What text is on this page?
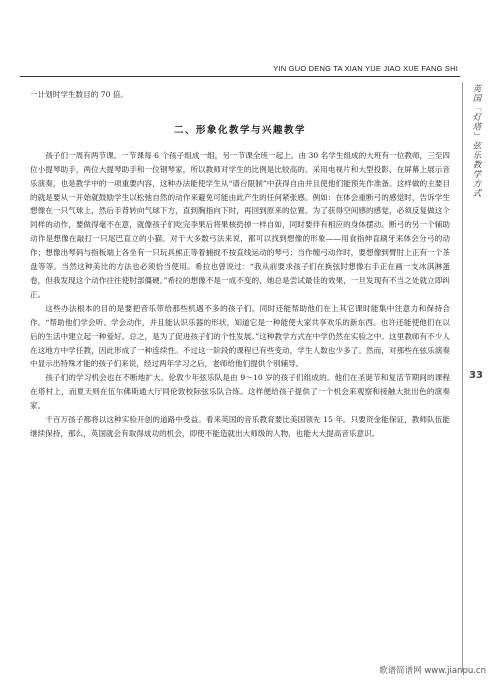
YIN GUO DENG TA XIAN YUE JIAO XUE FANG SHI
英国「灯塔」弦乐教学方式
33

一计划时学生数目的 70 倍。

二、形象化教学与兴趣教学

孩子们一周有两节课。一节课每 6 个孩子组成一组，另一节课全班一起上。由 30 名学生组成的大班有一位教师，三至四位小提琴助手，两位大提琴助手和一位钢琴家，所以教师对学生的比例是比较高的。采用电视片和大型投影，在屏幕上展示音乐演奏，也是教学中的一项重要内容，这种办法能使学生从“谱台限制”中获得自由并且使他们能预先作准备。这样做的主要目的就是要从一开始就鼓励学生以松弛自然的动作来避免可能由此产生的任何紧张感。例如：在体会重断弓的感觉时，告诉学生想像在一只气球上，然后手背转向气球下方，直到胸指向下时，再回到原来的位置。为了获得空间感的感觉，必须反复做这个同样的动作，要做得毫不在意，就像孩子们吃完李果后将果核扔掉一样自如，同时要伴有相应的身体摆动。断弓的另一个辅助动作是想像在敲打一只尾巴直立的小猫。对于大多数弓法来说，都可以找到想像的形象——用食指伸直刷牙来体会分弓的动作；想像出琴码与指板端上各坐有一只玩具熊正等着捕捉不按直线运动的琴弓；当作缠弓动作时，要想像到臂肘上正有一个茶盘等等。当然这种美比的方法也必须恰当使用。希拉也曾说过：“我从前要求孩子们在换弦时想像右手正在画一支冰淇淋蛋卷，但我发现这个动作往往使肘部僵硬。”希拉的想像不是一成不变的，她总是尝试最佳的效果，一旦发现有不当之处就立即纠正。

这些办法根本的目的是要把音乐带给那些机遇不多的孩子们。同时还能帮助他们在上其它课时能集中注意力和保持合作。“帮助他们学会听、学会动作，并且能认识乐器的形状，知道它是一种能使大家共享欢乐的新东西。也许还能使他们在以后的生活中建立起一种爱好。总之，是为了促进孩子们的个性发展。”这种教学方式在中学仍然在实验之中。这里教师有不少人在这地方中学任教，因此形成了一种连续性。不过这一阶段的课程已有些变动，学生人数也少多了。然而，对那些在弦乐演奏中显示出特殊才能的孩子们来说，经过两年学习之后，老师给他们提供个别辅导。

孩子们的学习机会也在不断地扩大。伦敦少年弦乐队是由 9～10 岁的孩子们组成的。他们在圣诞节和复活节期间的课程在塔村上，而夏天则在伍尔佛斯通大厅同伦敦校际弦乐队合练。这样便给孩子提供了一个机会来观察和接触大批出色的演奏家。

千百万孩子都将以这种实验开创的道路中受益。看来英国的音乐教育要比美国领先 15 年。只要资金能保证，教师队伍能继续保持，那么，英国就会有取得成功的机会，即使不能造就出大师级的人物，也能大大提高音乐意识。

歌谱简谱网 www.jianpu.cn
